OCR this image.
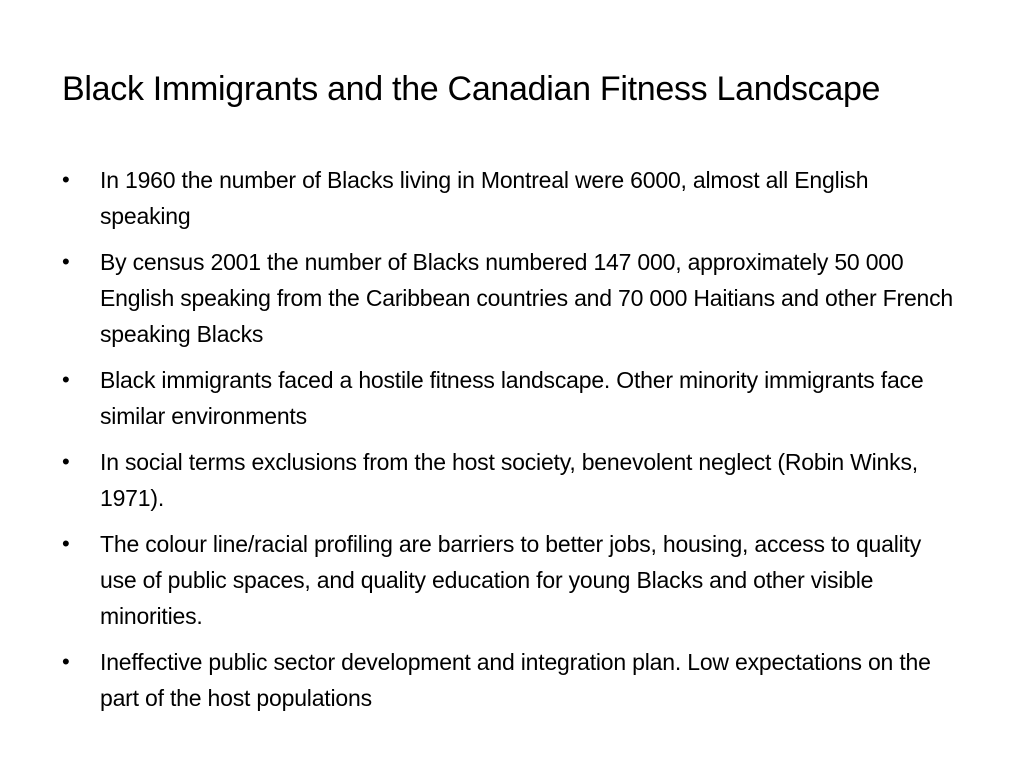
Black Immigrants and the Canadian Fitness Landscape
•	In 1960 the number of Blacks living in Montreal were 6000, almost all English speaking
•	By census 2001 the number of Blacks numbered 147 000, approximately 50 000 English speaking from the Caribbean countries and 70 000 Haitians and other French speaking Blacks
•	Black immigrants faced a hostile fitness landscape. Other minority immigrants face similar environments
•	In social terms exclusions from the host society, benevolent neglect (Robin Winks, 1971).
•	The colour line/racial profiling are barriers to better jobs, housing, access to quality use of public spaces, and quality education for young Blacks and other visible minorities.
•	Ineffective public sector development and integration plan. Low expectations on the part of the host populations
